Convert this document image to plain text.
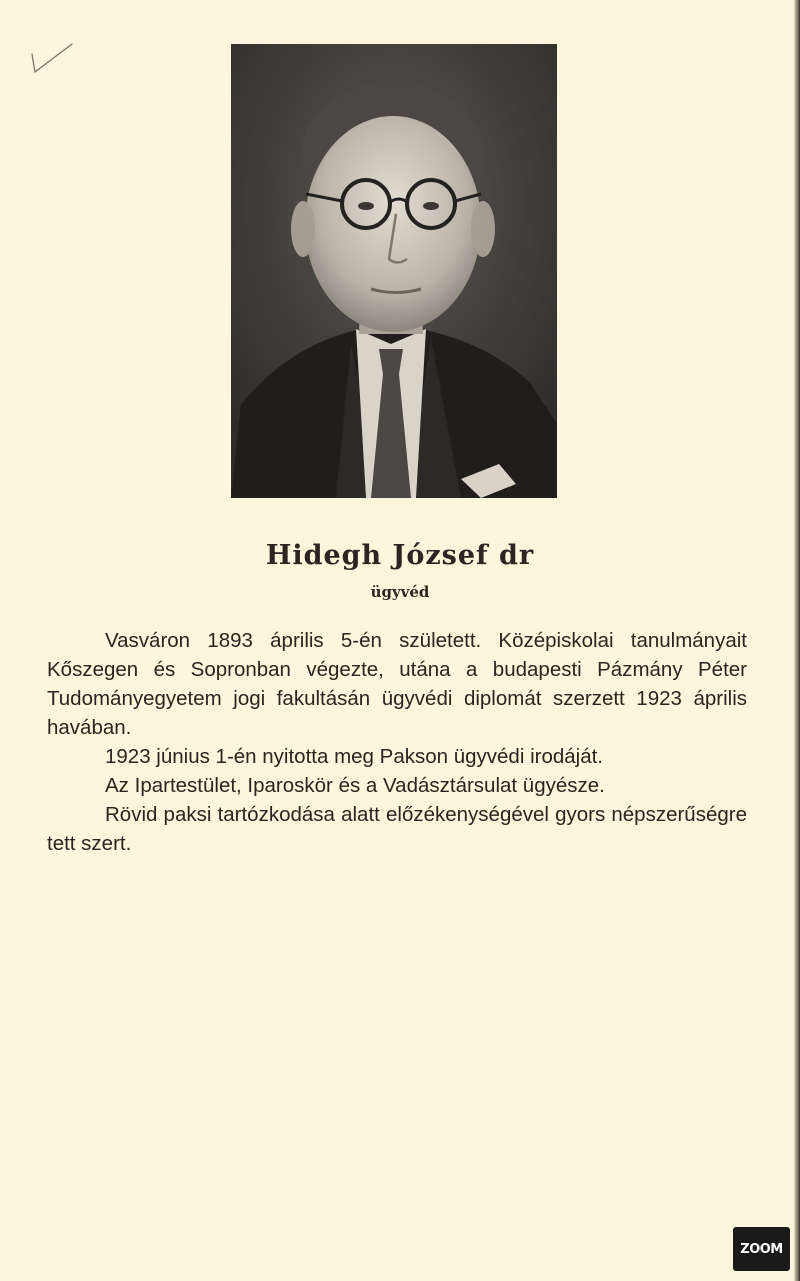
Hidegh József dr
ügyvéd

Vasváron 1893 április 5-én született. Középiskolai tanulmányait Kőszegen és Sopronban végezte, utána a budapesti Pázmány Péter Tudományegyetem jogi fakultásán ügyvédi diplomát szerzett 1923 április havában.

1923 június 1-én nyitotta meg Pakson ügyvédi irodáját.

Az Ipartestület, Iparoskör és a Vadásztársulat ügyésze.

Rövid paksi tartózkodása alatt előzékenységével gyors népszerűségre tett szert.

ZOOM
